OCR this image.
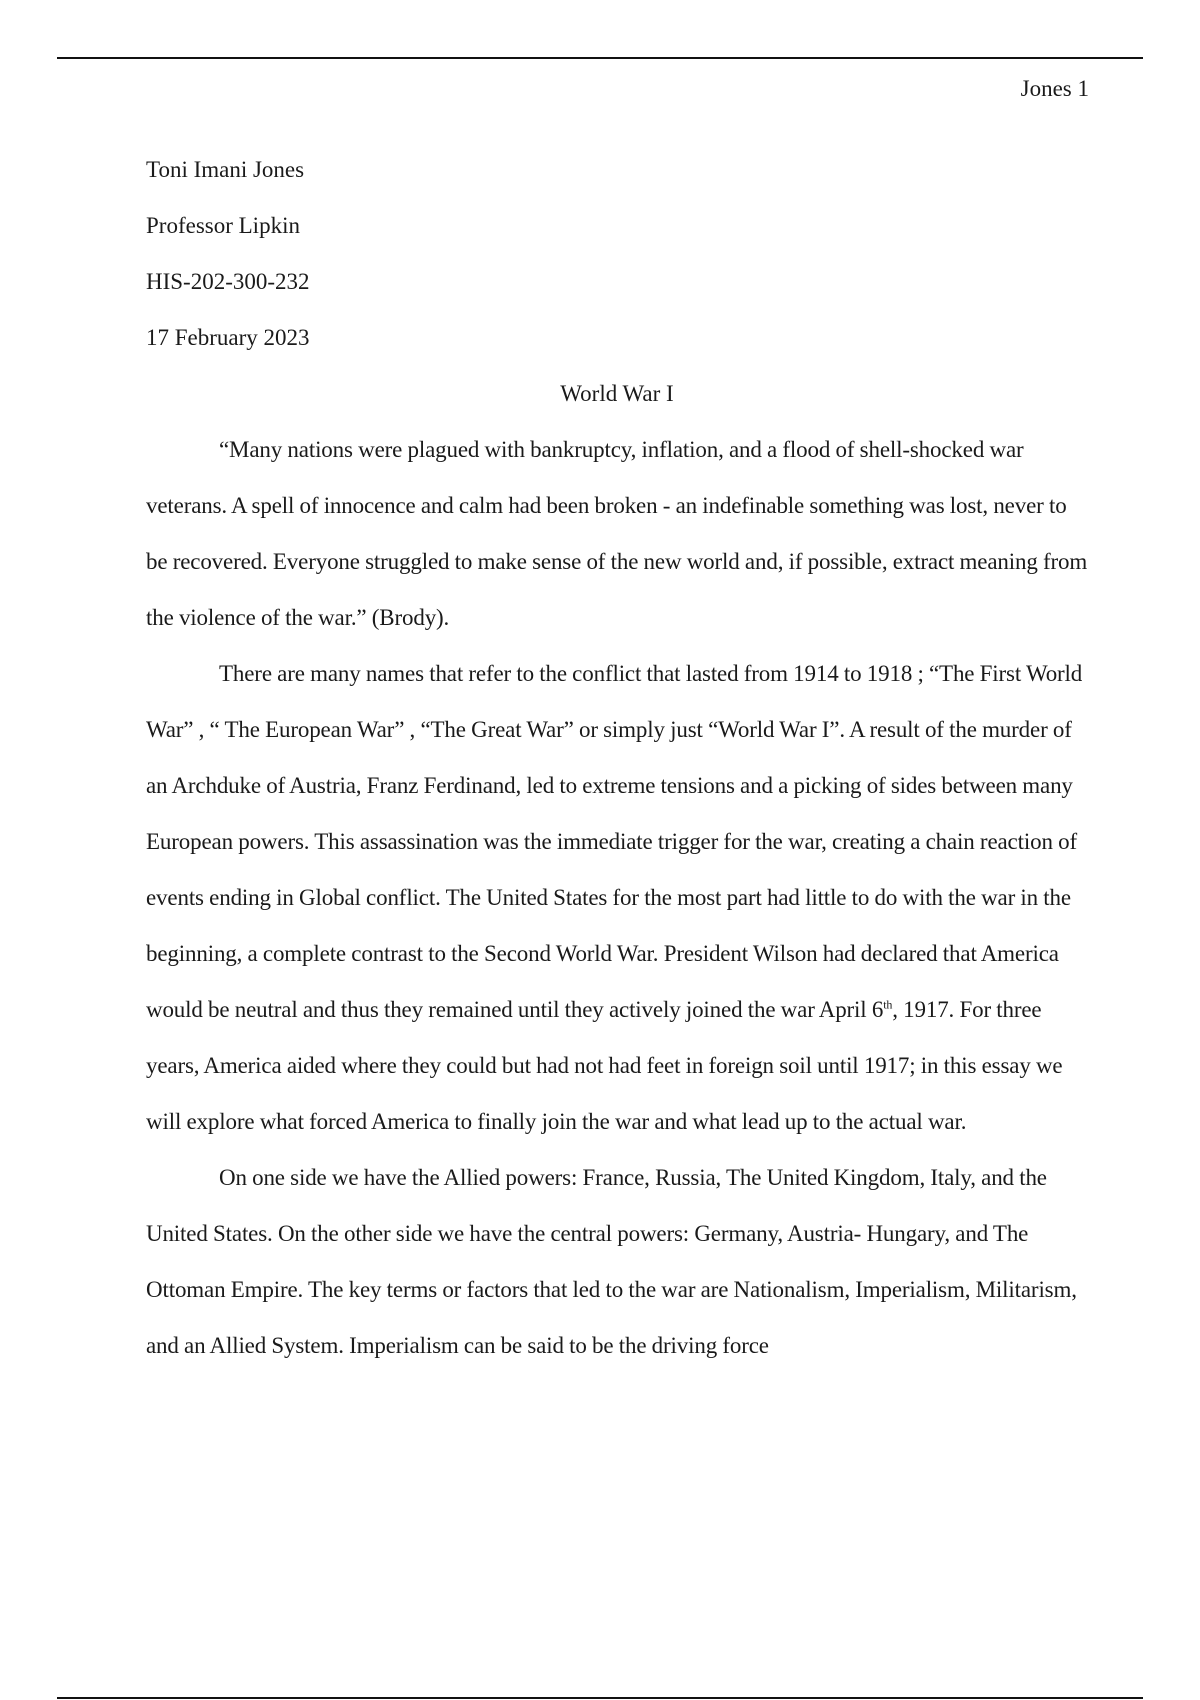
Jones 1
Toni Imani Jones
Professor Lipkin
HIS-202-300-232
17 February 2023
World War I

“Many nations were plagued with bankruptcy, inflation, and a flood of shell-shocked war veterans. A spell of innocence and calm had been broken - an indefinable something was lost, never to be recovered. Everyone struggled to make sense of the new world and, if possible, extract meaning from the violence of the war.” (Brody).

There are many names that refer to the conflict that lasted from 1914 to 1918 ; “The First World War” , “ The European War” , “The Great War” or simply just “World War I”. A result of the murder of an Archduke of Austria, Franz Ferdinand, led to extreme tensions and a picking of sides between many European powers. This assassination was the immediate trigger for the war, creating a chain reaction of events ending in Global conflict. The United States for the most part had little to do with the war in the beginning, a complete contrast to the Second World War. President Wilson had declared that America would be neutral and thus they remained until they actively joined the war April 6th, 1917. For three years, America aided where they could but had not had feet in foreign soil until 1917; in this essay we will explore what forced America to finally join the war and what lead up to the actual war.

On one side we have the Allied powers: France, Russia, The United Kingdom, Italy, and the United States. On the other side we have the central powers: Germany, Austria- Hungary, and The Ottoman Empire. The key terms or factors that led to the war are Nationalism, Imperialism, Militarism, and an Allied System. Imperialism can be said to be the driving force
